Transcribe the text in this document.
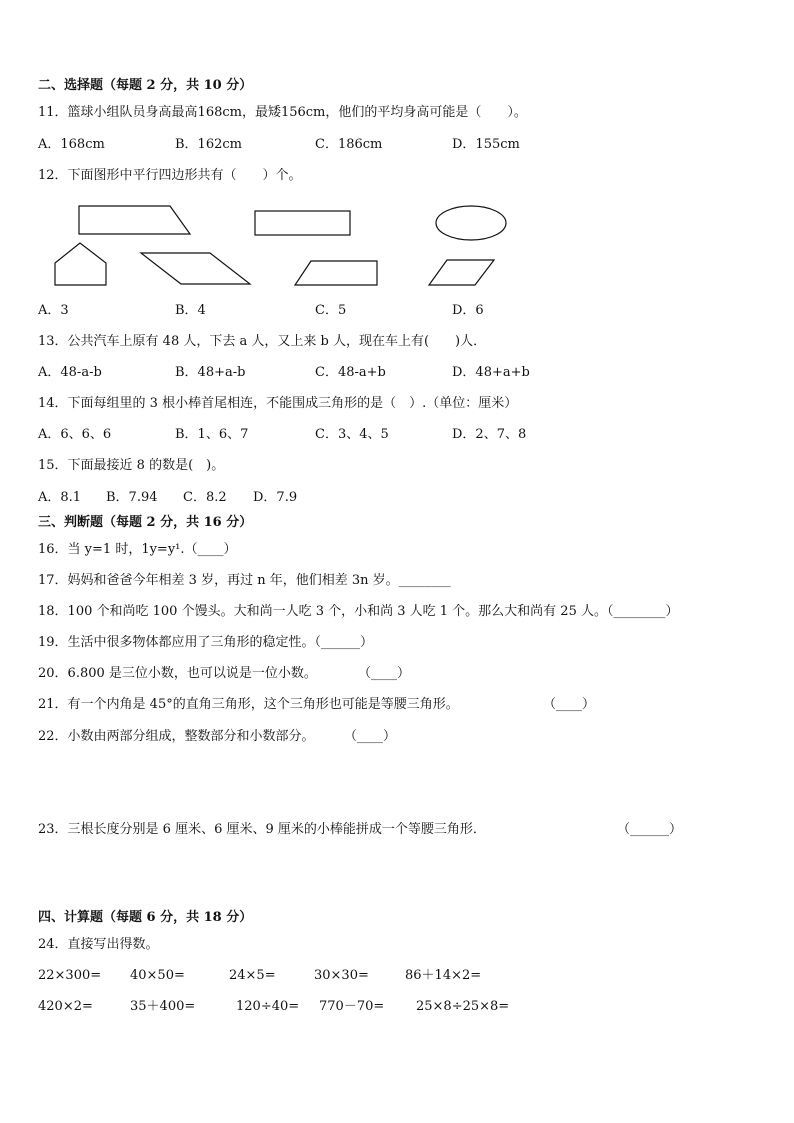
二、选择题（每题 2 分，共 10 分）
11．篮球小组队员身高最高168cm，最矮156cm，他们的平均身高可能是（　　）。
A．168cm	B．162cm	C．186cm	D．155cm
12．下面图形中平行四边形共有（　　）个。
A．3	B．4	C．5	D．6
13．公共汽车上原有 48 人，下去 a 人，又上来 b 人，现在车上有(　　)人．
A．48-a-b	B．48+a-b	C．48-a+b	D．48+a+b
14．下面每组里的 3 根小棒首尾相连，不能围成三角形的是（　）.（单位：厘米）
A．6、6、6	B．1、6、7	C．3、4、5	D．2、7、8
15．下面最接近 8 的数是(　)。
A．8.1 B．7.94 C．8.2 D．7.9
三、判断题（每题 2 分，共 16 分）
16．当 y=1 时，1y=y¹.（____）
17．妈妈和爸爸今年相差 3 岁，再过 n 年，他们相差 3n 岁。________
18．100 个和尚吃 100 个馒头。大和尚一人吃 3 个，小和尚 3 人吃 1 个。那么大和尚有 25 人。（________）
19．生活中很多物体都应用了三角形的稳定性。（______）
20．6.800 是三位小数，也可以说是一位小数。	（____）
21．有一个内角是 45°的直角三角形，这个三角形也可能是等腰三角形。	（____）
22．小数由两部分组成，整数部分和小数部分。 （____）
23．三根长度分别是 6 厘米、6 厘米、9 厘米的小棒能拼成一个等腰三角形．	（______）
四、计算题（每题 6 分，共 18 分）
24．直接写出得数。
22×300= 40×50=	24×5=	30×30=	86＋14×2=
420×2=	35＋400=	120÷40= 770－70= 25×8÷25×8=
